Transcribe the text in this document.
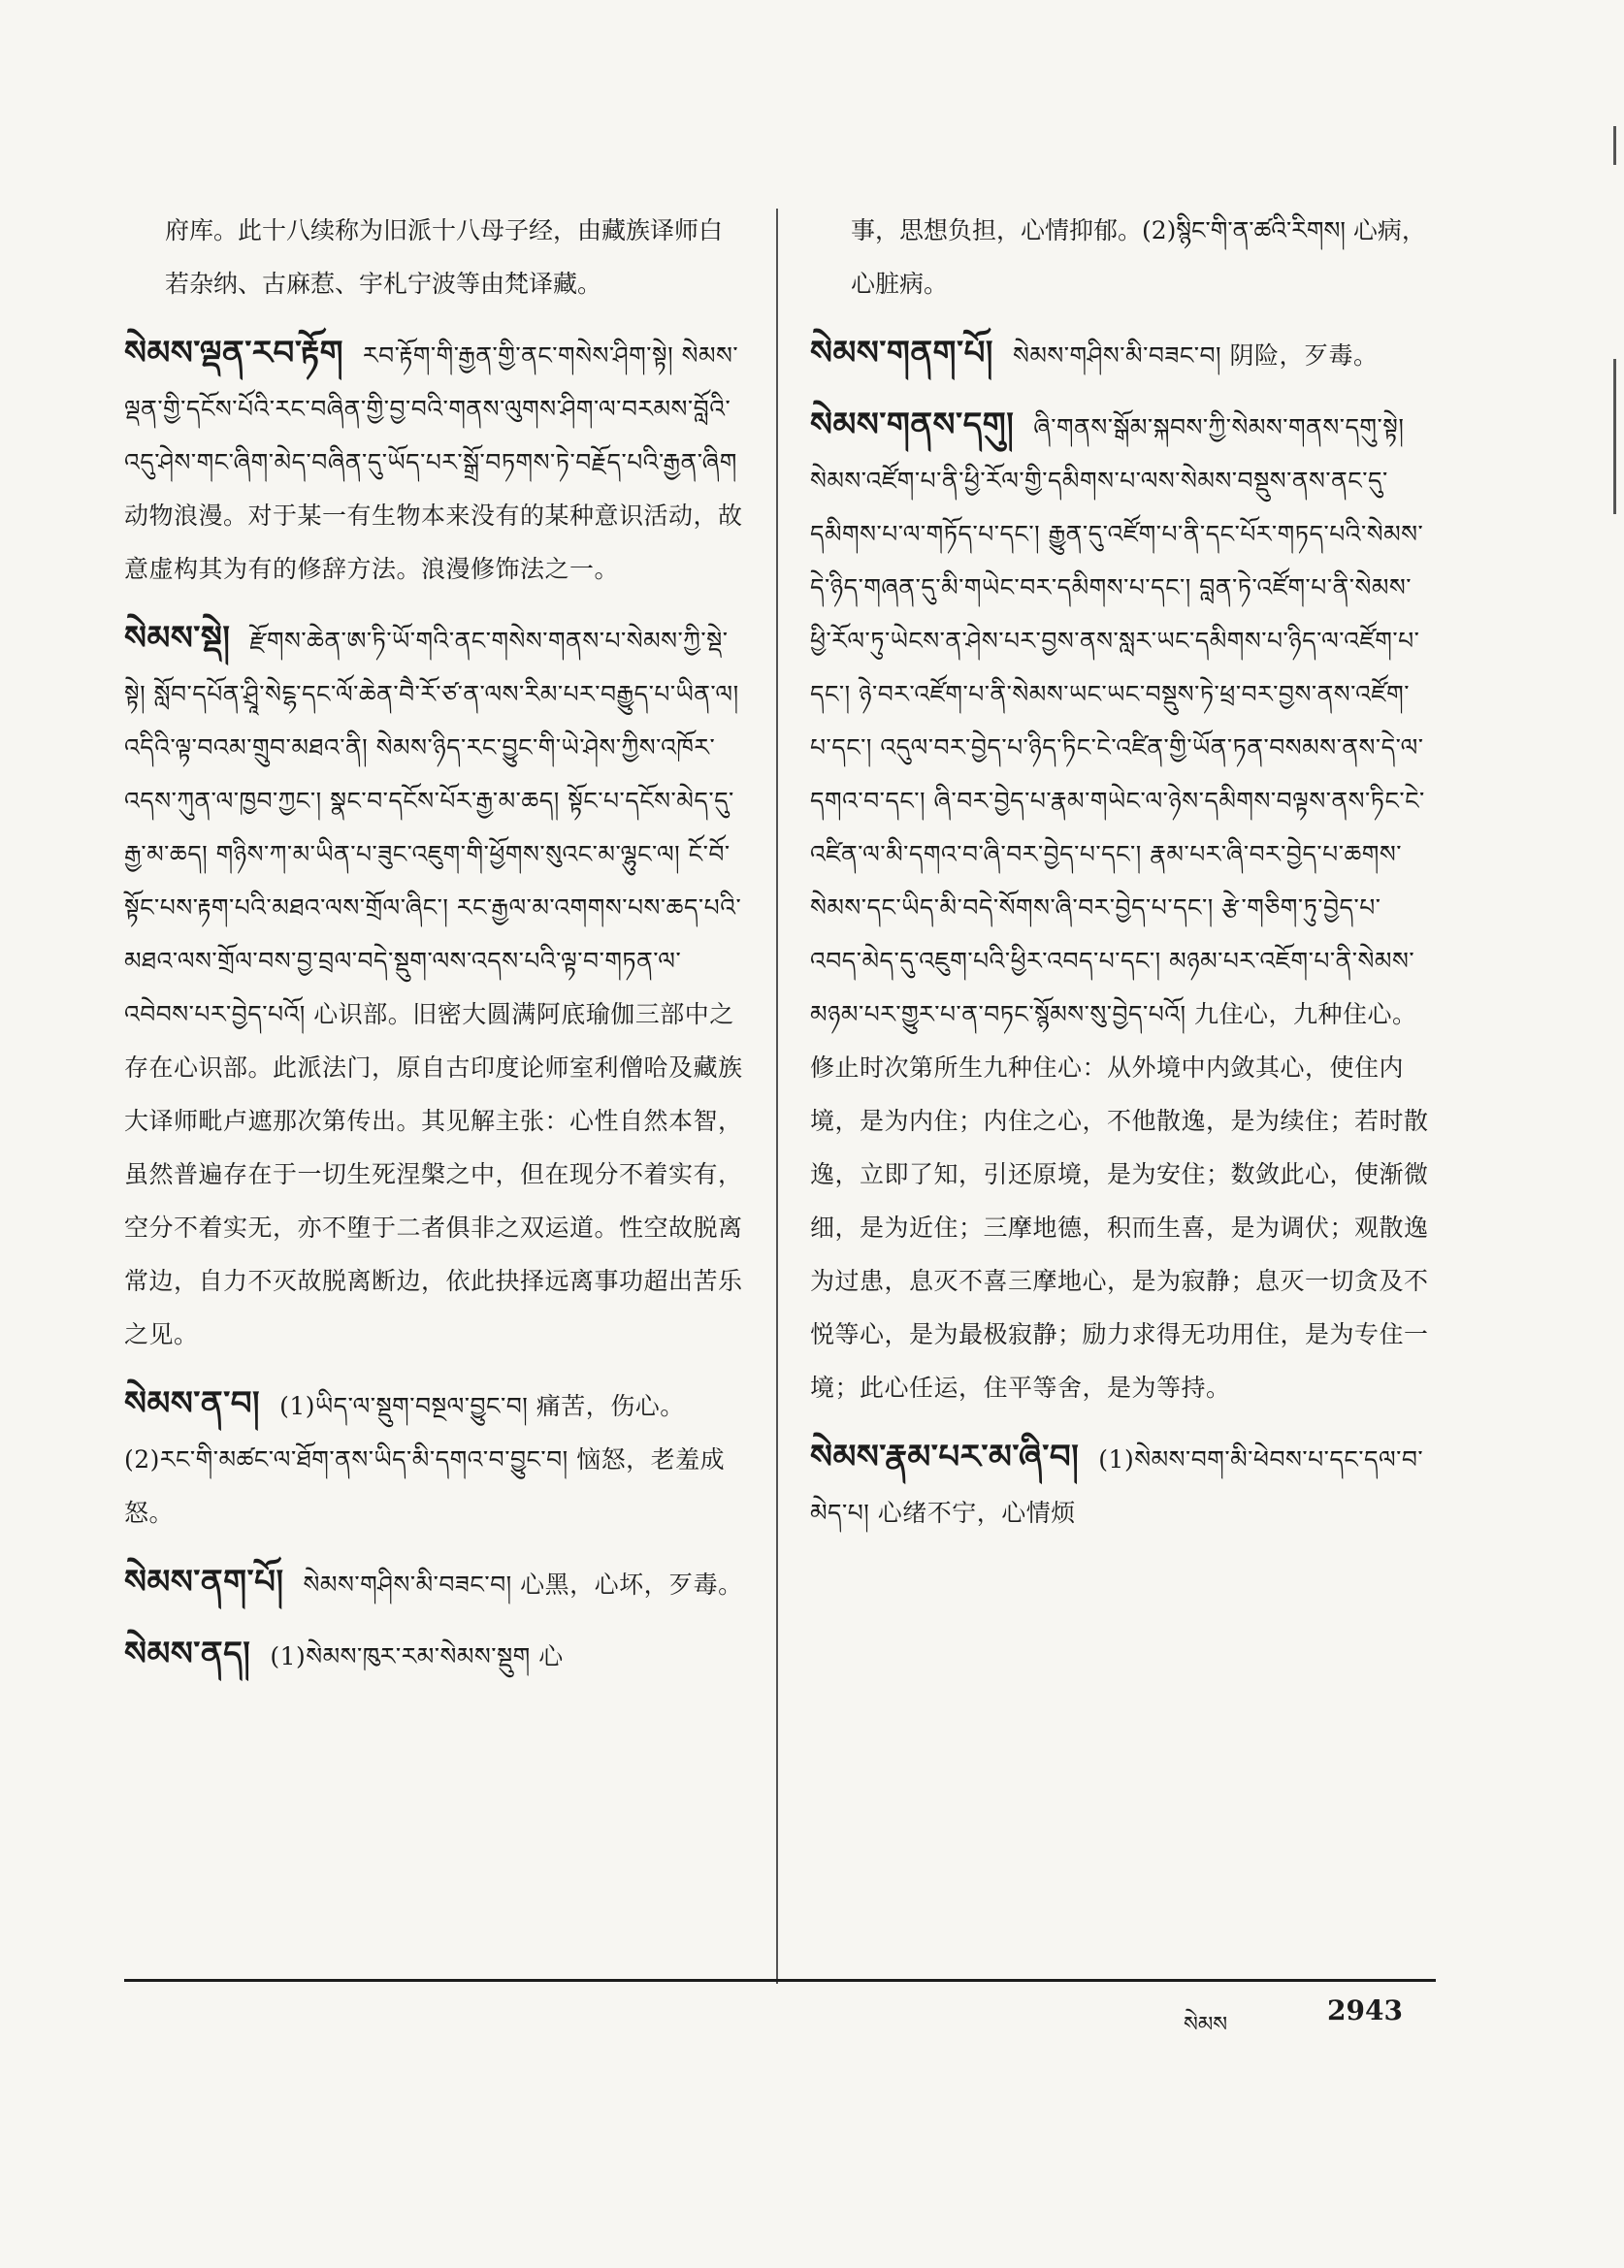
府库。此十八续称为旧派十八母子经，由藏族译师白若杂纳、古麻惹、宇札宁波等由梵译藏。
སེམས་ལྡན་རབ་རྟོག རབ་རྟོག་གི་རྒྱན་གྱི་ནང་གསེས་ཤིག་སྟེ། སེམས་ལྡན་གྱི་དངོས་པོའི་རང་བཞིན་གྱི་བྱ་བའི་གནས་ལུགས་ཤིག་ལ་བརམས་བློའི་འདུ་ཤེས་གང་ཞིག་མེད་བཞིན་དུ་ཡོད་པར་སྒྲོ་བཏགས་ཏེ་བརྗོད་པའི་རྒྱན་ཞིག 动物浪漫。对于某一有生物本来没有的某种意识活动，故意虚构其为有的修辞方法。浪漫修饰法之一。
སེམས་སྡེ། རྫོགས་ཆེན་ཨ་ཏི་ཡོ་གའི་ནང་གསེས་གནས་པ་སེམས་ཀྱི་སྡེ་སྟེ། སློབ་དཔོན་ཤྲཱི་སེངྷ་དང་ལོ་ཆེན་བཻ་རོ་ཙ་ན་ལས་རིམ་པར་བརྒྱུད་པ་ཡིན་ལ། འདིའི་ལྟ་བའམ་གྲུབ་མཐའ་ནི། སེམས་ཉིད་རང་བྱུང་གི་ཡེ་ཤེས་ཀྱིས་འཁོར་འདས་ཀུན་ལ་ཁྱབ་ཀྱང་། སྣང་བ་དངོས་པོར་རྒྱ་མ་ཆད། སྟོང་པ་དངོས་མེད་དུ་རྒྱ་མ་ཆད། གཉིས་ཀ་མ་ཡིན་པ་ཟུང་འཇུག་གི་ཕྱོགས་སུའང་མ་ལྷུང་ལ། ངོ་བོ་སྟོང་པས་རྟག་པའི་མཐའ་ལས་གྲོལ་ཞིང་། རང་རྒྱལ་མ་འགགས་པས་ཆད་པའི་མཐའ་ལས་གྲོལ་བས་བྱ་བྲལ་བདེ་སྡུག་ལས་འདས་པའི་ལྟ་བ་གཏན་ལ་འབེབས་པར་བྱེད་པའོ། 心识部。旧密大圆满阿底瑜伽三部中之存在心识部。此派法门，原自古印度论师室利僧哈及藏族大译师毗卢遮那次第传出。其见解主张：心性自然本智，虽然普遍存在于一切生死涅槃之中，但在现分不着实有，空分不着实无，亦不堕于二者俱非之双运道。性空故脱离常边，自力不灭故脱离断边，依此抉择远离事功超出苦乐之见。
སེམས་ན་བ། (1)ཡིད་ལ་སྡུག་བསྔལ་བྱུང་བ། 痛苦，伤心。(2)རང་གི་མཚང་ལ་ཐོག་ནས་ཡིད་མི་དགའ་བ་བྱུང་བ། 恼怒，老羞成怒。
སེམས་ནག་པོ། སེམས་གཤིས་མི་བཟང་བ། 心黑，心坏，歹毒。
སེམས་ནད། (1)སེམས་ཁུར་རམ་སེམས་སྡུག 心
事，思想负担，心情抑郁。(2)སྙིང་གི་ན་ཚའི་རིགས། 心病，心脏病。
སེམས་གནག་པོ། སེམས་གཤིས་མི་བཟང་བ། 阴险，歹毒。
སེམས་གནས་དགུ། ཞི་གནས་སྒོམ་སྐབས་ཀྱི་སེམས་གནས་དགུ་སྟེ། སེམས་འཛོག་པ་ནི་ཕྱི་རོལ་གྱི་དམིགས་པ་ལས་སེམས་བསྡུས་ནས་ནང་དུ་དམིགས་པ་ལ་གཏོད་པ་དང་། རྒྱུན་དུ་འཛོག་པ་ནི་དང་པོར་གཏད་པའི་སེམས་དེ་ཉིད་གཞན་དུ་མི་གཡེང་བར་དམིགས་པ་དང་། བླན་ཏེ་འཛོག་པ་ནི་སེམས་ཕྱི་རོལ་ཏུ་ཡེངས་ན་ཤེས་པར་བྱས་ནས་སླར་ཡང་དམིགས་པ་ཉིད་ལ་འཛོག་པ་དང་། ཉེ་བར་འཛོག་པ་ནི་སེམས་ཡང་ཡང་བསྡུས་ཏེ་ཕྲ་བར་བྱས་ནས་འཛོག་པ་དང་། འདུལ་བར་བྱེད་པ་ཉིད་ཏིང་ངེ་འཛིན་གྱི་ཡོན་ཏན་བསམས་ནས་དེ་ལ་དགའ་བ་དང་། ཞི་བར་བྱེད་པ་རྣམ་གཡེང་ལ་ཉེས་དམིགས་བལྟས་ནས་ཏིང་ངེ་འཛིན་ལ་མི་དགའ་བ་ཞི་བར་བྱེད་པ་དང་། རྣམ་པར་ཞི་བར་བྱེད་པ་ཆགས་སེམས་དང་ཡིད་མི་བདེ་སོགས་ཞི་བར་བྱེད་པ་དང་། རྩེ་གཅིག་ཏུ་བྱེད་པ་འབད་མེད་དུ་འཇུག་པའི་ཕྱིར་འབད་པ་དང་། མཉམ་པར་འཇོག་པ་ནི་སེམས་མཉམ་པར་གྱུར་པ་ན་བཏང་སྙོམས་སུ་བྱེད་པའོ། 九住心，九种住心。修止时次第所生九种住心：从外境中内敛其心，使住内境，是为内住；内住之心，不他散逸，是为续住；若时散逸，立即了知，引还原境，是为安住；数敛此心，使渐微细，是为近住；三摩地德，积而生喜，是为调伏；观散逸为过患，息灭不喜三摩地心，是为寂静；息灭一切贪及不悦等心，是为最极寂静；励力求得无功用住，是为专住一境；此心任运，住平等舍，是为等持。
སེམས་རྣམ་པར་མ་ཞི་བ། (1)སེམས་བག་མི་ཕེབས་པ་དང་དལ་བ་མེད་པ། 心绪不宁，心情烦
སེམས	2943
